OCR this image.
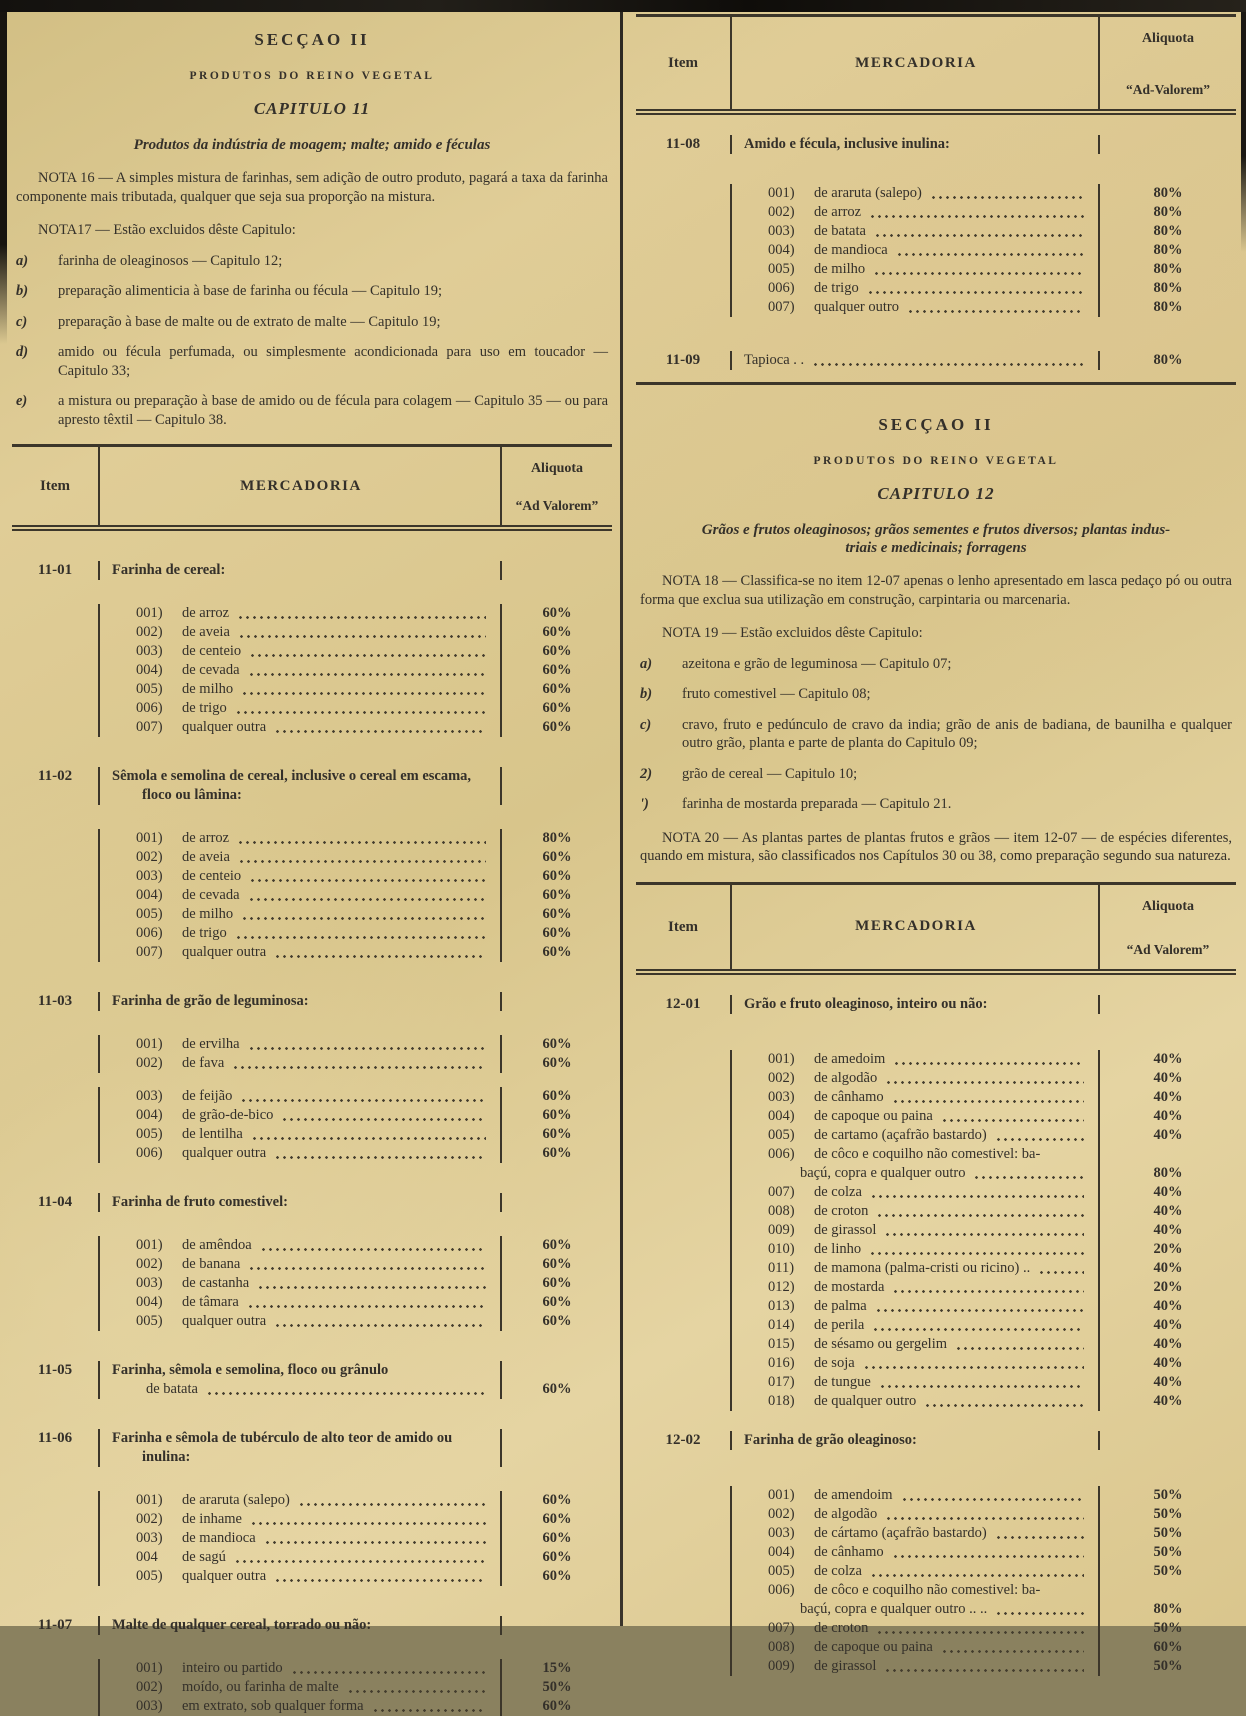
SECÇAO II
PRODUTOS DO REINO VEGETAL
CAPITULO 11
Produtos da indústria de moagem; malte; amido e féculas
NOTA 16 — A simples mistura de farinhas, sem adição de outro produto, pagará a taxa da farinha componente mais tributada, qualquer que seja sua proporção na mistura.
NOTA17 — Estão excluidos dêste Capitulo:
a)	farinha de oleaginosos — Capitulo 12;
b)	preparação alimenticia à base de farinha ou fécula — Capitulo 19;
c)	preparação à base de malte ou de extrato de malte — Capitulo 19;
d)	amido ou fécula perfumada, ou simplesmente acondicionada para uso em toucador — Capitulo 33;
e)	a mistura ou preparação à base de amido ou de fécula para colagem — Capitulo 35 — ou para apresto têxtil — Capitulo 38.
Item	MERCADORIA
Aliquota
“Ad Valorem”
11-01	Farinha de cereal:
001)	de arroz	60%
002)	de aveia	60%
003)	de centeio	60%
004)	de cevada	60%
005)	de milho	60%
006)	de trigo	60%
007)	qualquer outra	60%
11-02	Sêmola e semolina de cereal, inclusive o cereal em escama, floco ou lâmina:
001)	de arroz	80%
002)	de aveia	60%
003)	de centeio	60%
004)	de cevada	60%
005)	de milho	60%
006)	de trigo	60%
007)	qualquer outra	60%
11-03	Farinha de grão de leguminosa:
001)	de ervilha	60%
002)	de fava	60%
003)	de feijão	60%
004)	de grão-de-bico	60%
005)	de lentilha	60%
006)	qualquer outra	60%
11-04	Farinha de fruto comestivel:
001)	de amêndoa	60%
002)	de banana	60%
003)	de castanha	60%
004)	de tâmara	60%
005)	qualquer outra	60%
11-05	Farinha, sêmola e semolina, floco ou grânulo
de batata	60%
11-06	Farinha e sêmola de tubérculo de alto teor de amido ou inulina:
001)	de araruta (salepo)	60%
002)	de inhame	60%
003)	de mandioca	60%
004	de sagú	60%
005)	qualquer outra	60%
11-07	Malte de qualquer cereal, torrado ou não:
001)	inteiro ou partido	15%
002)	moído, ou farinha de malte	50%
003)	em extrato, sob qualquer forma	60%
Item	MERCADORIA
Aliquota
“Ad-Valorem”
11-08	Amido e fécula, inclusive inulina:
001)	de araruta (salepo)	80%
002)	de arroz	80%
003)	de batata	80%
004)	de mandioca	80%
005)	de milho	80%
006)	de trigo	80%
007)	qualquer outro	80%
11-09	Tapioca . .	80%
SECÇAO II
PRODUTOS DO REINO VEGETAL
CAPITULO 12
Grãos e frutos oleaginosos; grãos sementes e frutos diversos; plantas indus-
triais e medicinais; forragens
NOTA 18 — Classifica-se no item 12-07 apenas o lenho apresentado em lasca pedaço pó ou outra forma que exclua sua utilização em construção, carpintaria ou marcenaria.
NOTA 19 — Estão excluidos dêste Capitulo:
a)	azeitona e grão de leguminosa — Capitulo 07;
b)	fruto comestivel — Capitulo 08;
c)	cravo, fruto e pedúnculo de cravo da india; grão de anis de badiana, de baunilha e qualquer outro grão, planta e parte de planta do Capitulo 09;
2)	grão de cereal — Capitulo 10;
')	farinha de mostarda preparada — Capitulo 21.
NOTA 20 — As plantas partes de plantas frutos e grãos — item 12-07 — de espécies diferentes, quando em mistura, são classificados nos Capítulos 30 ou 38, como preparação segundo sua natureza.
Item	MERCADORIA
Aliquota
“Ad Valorem”
12-01	Grão e fruto oleaginoso, inteiro ou não:
001)	de amedoim	40%
002)	de algodão	40%
003)	de cânhamo	40%
004)	de capoque ou paina	40%
005)	de cartamo (açafrão bastardo)	40%
006)	de côco e coquilho não comestivel: ba-
baçú, copra e qualquer outro	80%
007)	de colza	40%
008)	de croton	40%
009)	de girassol	40%
010)	de linho	20%
011)	de mamona (palma-cristi ou ricino) ..	40%
012)	de mostarda	20%
013)	de palma	40%
014)	de perila	40%
015)	de sésamo ou gergelim	40%
016)	de soja	40%
017)	de tungue	40%
018)	de qualquer outro	40%
12-02	Farinha de grão oleaginoso:
001)	de amendoim	50%
002)	de algodão	50%
003)	de cártamo (açafrão bastardo)	50%
004)	de cânhamo	50%
005)	de colza	50%
006)	de côco e coquilho não comestivel: ba-
baçú, copra e qualquer outro .. ..	80%
007)	de croton	50%
008)	de capoque ou paina	60%
009)	de girassol	50%
